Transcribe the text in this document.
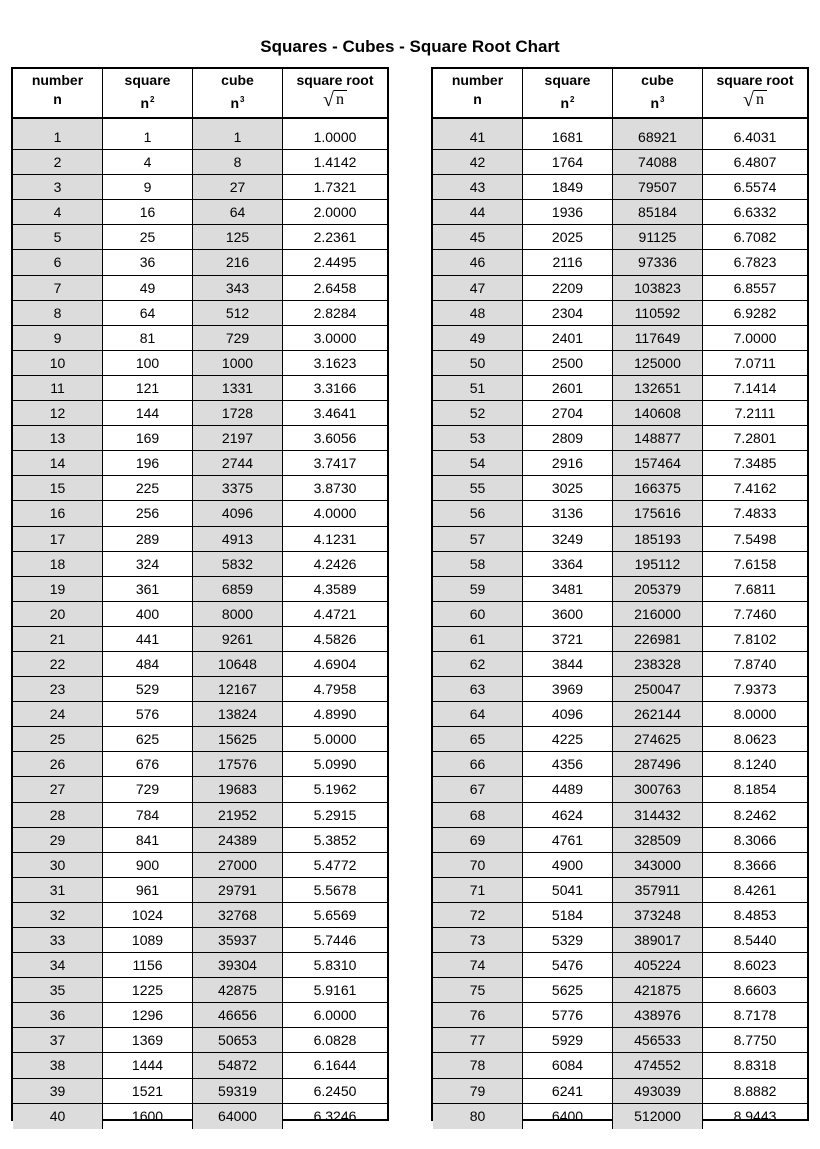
Squares - Cubes - Square Root Chart
number
n
square
$n^2$
cube
$n^3$
square root
√ n
1	1	1	1.0000
2	4	8	1.4142
3	9	27	1.7321
4	16	64	2.0000
5	25	125	2.2361
6	36	216	2.4495
7	49	343	2.6458
8	64	512	2.8284
9	81	729	3.0000
10	100	1000	3.1623
11	121	1331	3.3166
12	144	1728	3.4641
13	169	2197	3.6056
14	196	2744	3.7417
15	225	3375	3.8730
16	256	4096	4.0000
17	289	4913	4.1231
18	324	5832	4.2426
19	361	6859	4.3589
20	400	8000	4.4721
21	441	9261	4.5826
22	484	10648	4.6904
23	529	12167	4.7958
24	576	13824	4.8990
25	625	15625	5.0000
26	676	17576	5.0990
27	729	19683	5.1962
28	784	21952	5.2915
29	841	24389	5.3852
30	900	27000	5.4772
31	961	29791	5.5678
32	1024	32768	5.6569
33	1089	35937	5.7446
34	1156	39304	5.8310
35	1225	42875	5.9161
36	1296	46656	6.0000
37	1369	50653	6.0828
38	1444	54872	6.1644
39	1521	59319	6.2450
40	1600	64000	6.3246
number
n
square
$n^2$
cube
$n^3$
square root
√ n
41	1681	68921	6.4031
42	1764	74088	6.4807
43	1849	79507	6.5574
44	1936	85184	6.6332
45	2025	91125	6.7082
46	2116	97336	6.7823
47	2209	103823	6.8557
48	2304	110592	6.9282
49	2401	117649	7.0000
50	2500	125000	7.0711
51	2601	132651	7.1414
52	2704	140608	7.2111
53	2809	148877	7.2801
54	2916	157464	7.3485
55	3025	166375	7.4162
56	3136	175616	7.4833
57	3249	185193	7.5498
58	3364	195112	7.6158
59	3481	205379	7.6811
60	3600	216000	7.7460
61	3721	226981	7.8102
62	3844	238328	7.8740
63	3969	250047	7.9373
64	4096	262144	8.0000
65	4225	274625	8.0623
66	4356	287496	8.1240
67	4489	300763	8.1854
68	4624	314432	8.2462
69	4761	328509	8.3066
70	4900	343000	8.3666
71	5041	357911	8.4261
72	5184	373248	8.4853
73	5329	389017	8.5440
74	5476	405224	8.6023
75	5625	421875	8.6603
76	5776	438976	8.7178
77	5929	456533	8.7750
78	6084	474552	8.8318
79	6241	493039	8.8882
80	6400	512000	8.9443
